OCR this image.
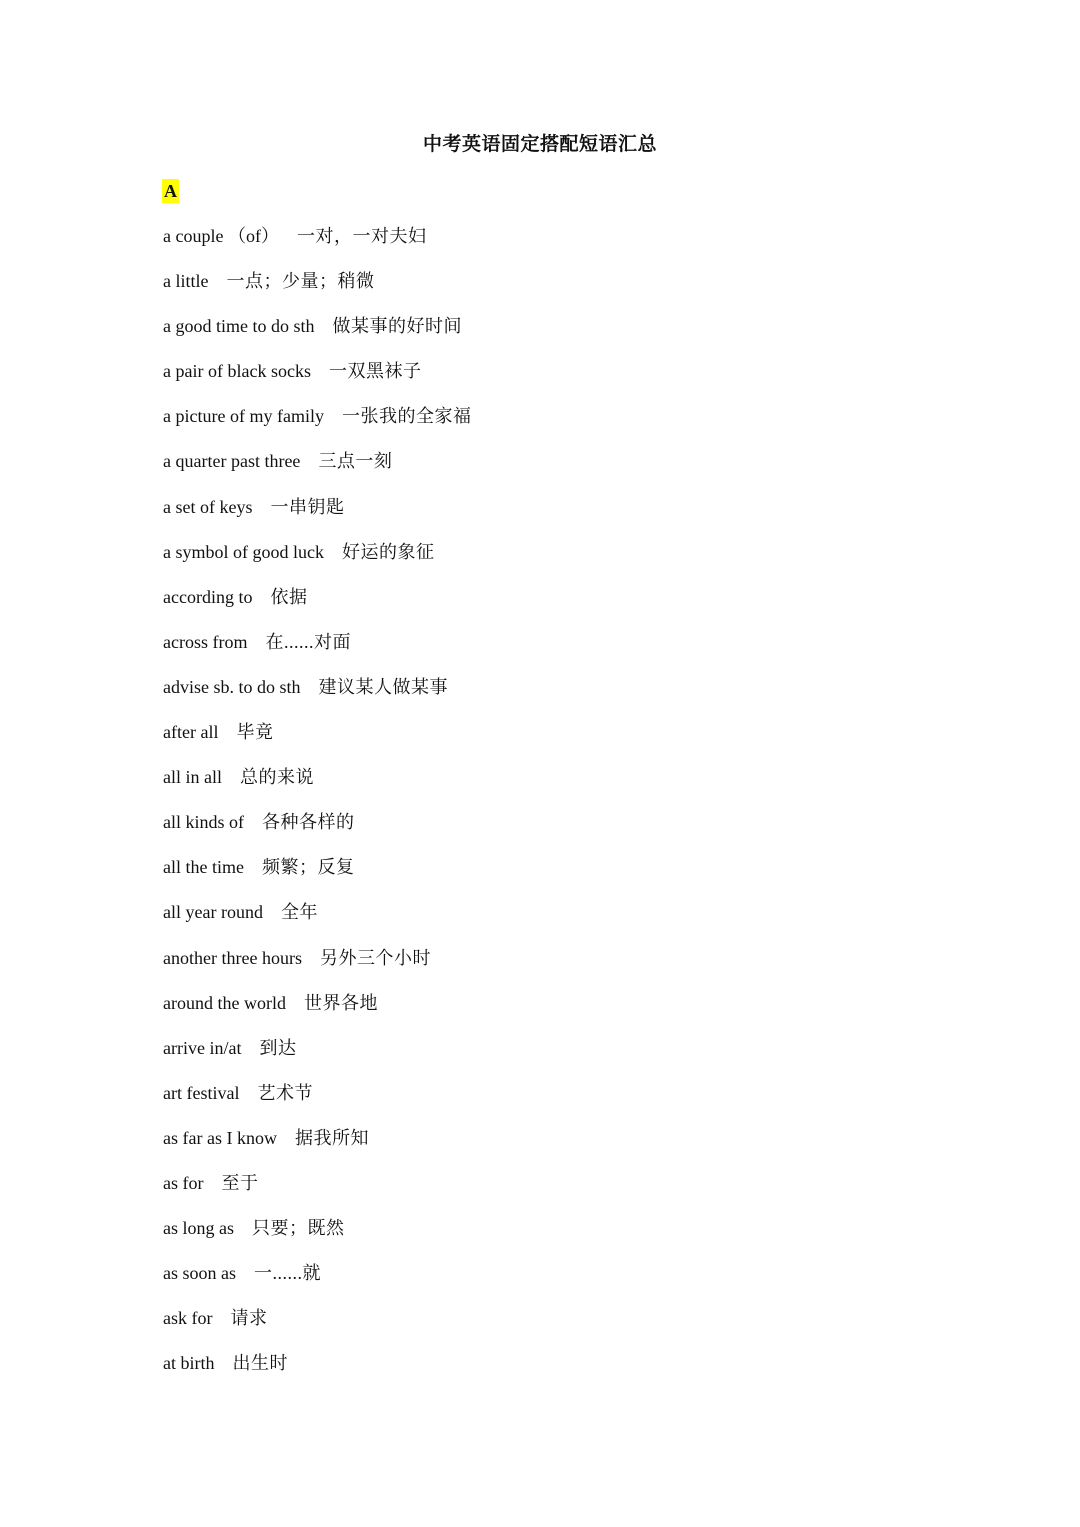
中考英语固定搭配短语汇总
A
a couple （of） 一对，一对夫妇
a little 一点；少量；稍微
a good time to do sth 做某事的好时间
a pair of black socks 一双黑袜子
a picture of my family 一张我的全家福
a quarter past three 三点一刻
a set of keys 一串钥匙
a symbol of good luck 好运的象征
according to 依据
across from 在......对面
advise sb. to do sth 建议某人做某事
after all 毕竟
all in all 总的来说
all kinds of 各种各样的
all the time 频繁；反复
all year round 全年
another three hours 另外三个小时
around the world 世界各地
arrive in/at 到达
art festival 艺术节
as far as I know 据我所知
as for 至于
as long as 只要；既然
as soon as 一......就
ask for 请求
at birth 出生时
